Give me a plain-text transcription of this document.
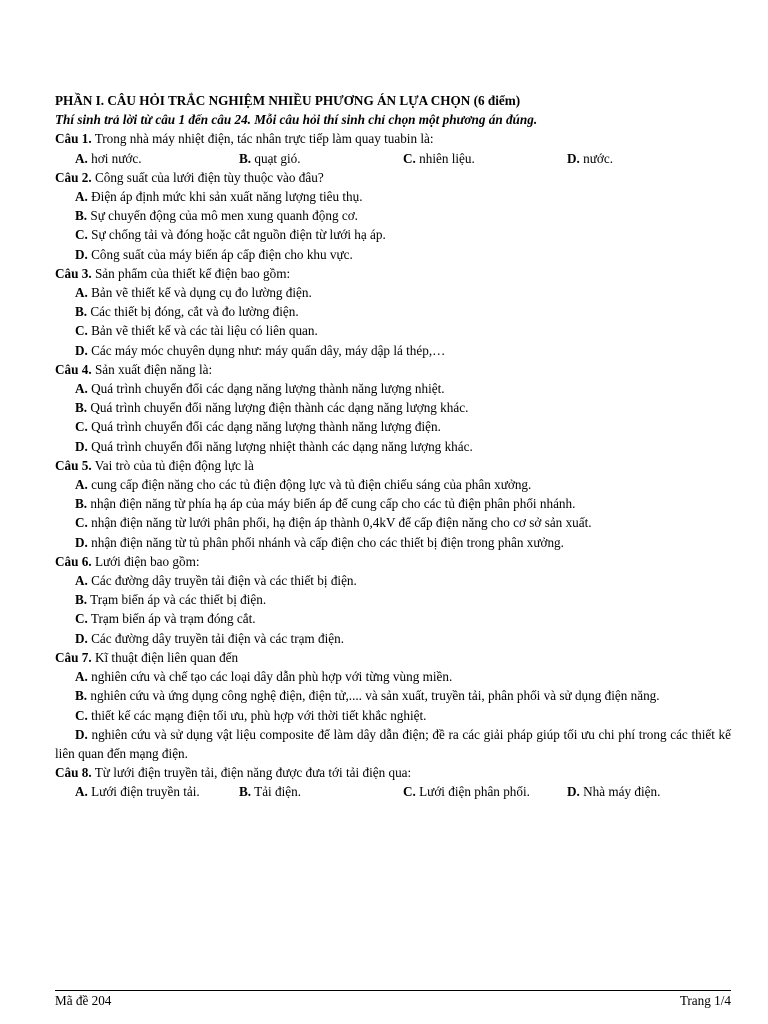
PHẦN I. CÂU HỎI TRẮC NGHIỆM NHIỀU PHƯƠNG ÁN LỰA CHỌN (6 điểm)
Thí sinh trả lời từ câu 1 đến câu 24. Mỗi câu hỏi thí sinh chỉ chọn một phương án đúng.
Câu 1. Trong nhà máy nhiệt điện, tác nhân trực tiếp làm quay tuabin là:
A. hơi nước.	B. quạt gió.	C. nhiên liệu.	D. nước.
Câu 2. Công suất của lưới điện tùy thuộc vào đâu?
A. Điện áp định mức khi sản xuất năng lượng tiêu thụ.
B. Sự chuyển động của mô men xung quanh động cơ.
C. Sự chống tải và đóng hoặc cắt nguồn điện từ lưới hạ áp.
D. Công suất của máy biến áp cấp điện cho khu vực.
Câu 3. Sản phẩm của thiết kế điện bao gồm:
A. Bản vẽ thiết kế và dụng cụ đo lường điện.
B. Các thiết bị đóng, cắt và đo lường điện.
C. Bản vẽ thiết kế và các tài liệu có liên quan.
D. Các máy móc chuyên dụng như: máy quấn dây, máy dập lá thép,…
Câu 4. Sản xuất điện năng là:
A. Quá trình chuyển đổi các dạng năng lượng thành năng lượng nhiệt.
B. Quá trình chuyển đổi năng lượng điện thành các dạng năng lượng khác.
C. Quá trình chuyển đổi các dạng năng lượng thành năng lượng điện.
D. Quá trình chuyển đổi năng lượng nhiệt thành các dạng năng lượng khác.
Câu 5. Vai trò của tủ điện động lực là
A. cung cấp điện năng cho các tủ điện động lực và tủ điện chiếu sáng của phân xưởng.
B. nhận điện năng từ phía hạ áp của máy biến áp để cung cấp cho các tủ điện phân phối nhánh.
C. nhận điện năng từ lưới phân phối, hạ điện áp thành 0,4kV để cấp điện năng cho cơ sở sản xuất.
D. nhận điện năng từ tủ phân phối nhánh và cấp điện cho các thiết bị điện trong phân xưởng.
Câu 6. Lưới điện bao gồm:
A. Các đường dây truyền tải điện và các thiết bị điện.
B. Trạm biến áp và các thiết bị điện.
C. Trạm biến áp và trạm đóng cắt.
D. Các đường dây truyền tải điện và các trạm điện.
Câu 7. Kĩ thuật điện liên quan đến
A. nghiên cứu và chế tạo các loại dây dẫn phù hợp với từng vùng miền.
B. nghiên cứu và ứng dụng công nghệ điện, điện tử,.... và sản xuất, truyền tải, phân phối và sử dụng điện năng.
C. thiết kế các mạng điện tối ưu, phù hợp với thời tiết khắc nghiệt.
D. nghiên cứu và sử dụng vật liệu composite để làm dây dẫn điện; đề ra các giải pháp giúp tối ưu chi phí trong các thiết kế liên quan đến mạng điện.
Câu 8. Từ lưới điện truyền tải, điện năng được đưa tới tải điện qua:
A. Lưới điện truyền tải.	B. Tải điện.	C. Lưới điện phân phối.	D. Nhà máy điện.
Mã đề 204	Trang 1/4
